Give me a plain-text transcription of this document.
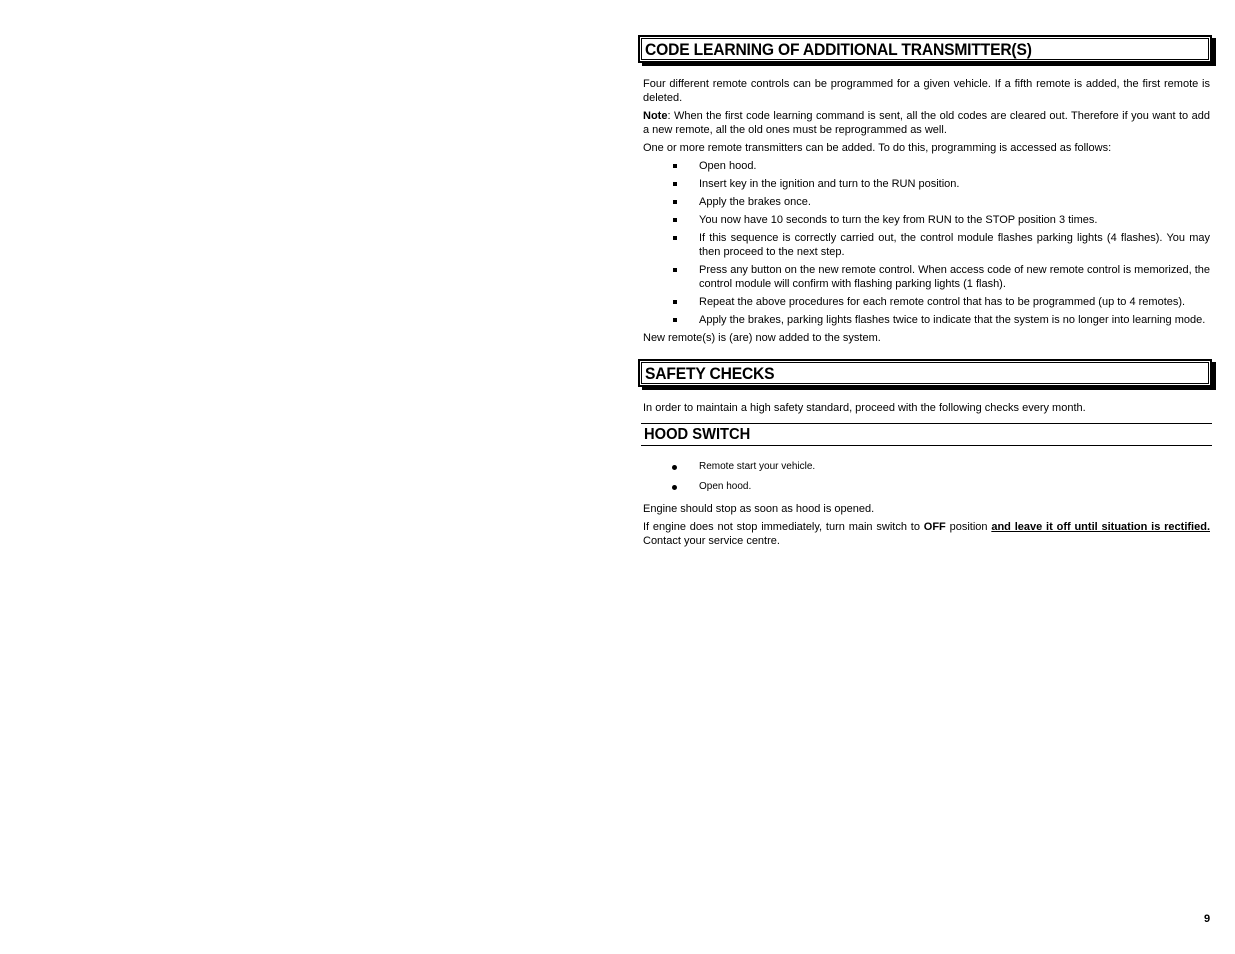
CODE LEARNING OF ADDITIONAL TRANSMITTER(S)

Four different remote controls can be programmed for a given vehicle. If a fifth remote is added, the first remote is deleted.

Note: When the first code learning command is sent, all the old codes are cleared out. Therefore if you want to add a new remote, all the old ones must be reprogrammed as well.

One or more remote transmitters can be added. To do this, programming is accessed as follows:

Open hood.
Insert key in the ignition and turn to the RUN position.
Apply the brakes once.
You now have 10 seconds to turn the key from RUN to the STOP position 3 times.
If this sequence is correctly carried out, the control module flashes parking lights (4 flashes). You may then proceed to the next step.
Press any button on the new remote control. When access code of new remote control is memorized, the control module will confirm with flashing parking lights (1 flash).
Repeat the above procedures for each remote control that has to be programmed (up to 4 remotes).
Apply the brakes, parking lights flashes twice to indicate that the system is no longer into learning mode.

New remote(s) is (are) now added to the system.

SAFETY CHECKS

In order to maintain a high safety standard, proceed with the following checks every month.

HOOD SWITCH
Remote start your vehicle.
Open hood.

Engine should stop as soon as hood is opened.

If engine does not stop immediately, turn main switch to OFF position and leave it off until situation is rectified. Contact your service centre.

9
